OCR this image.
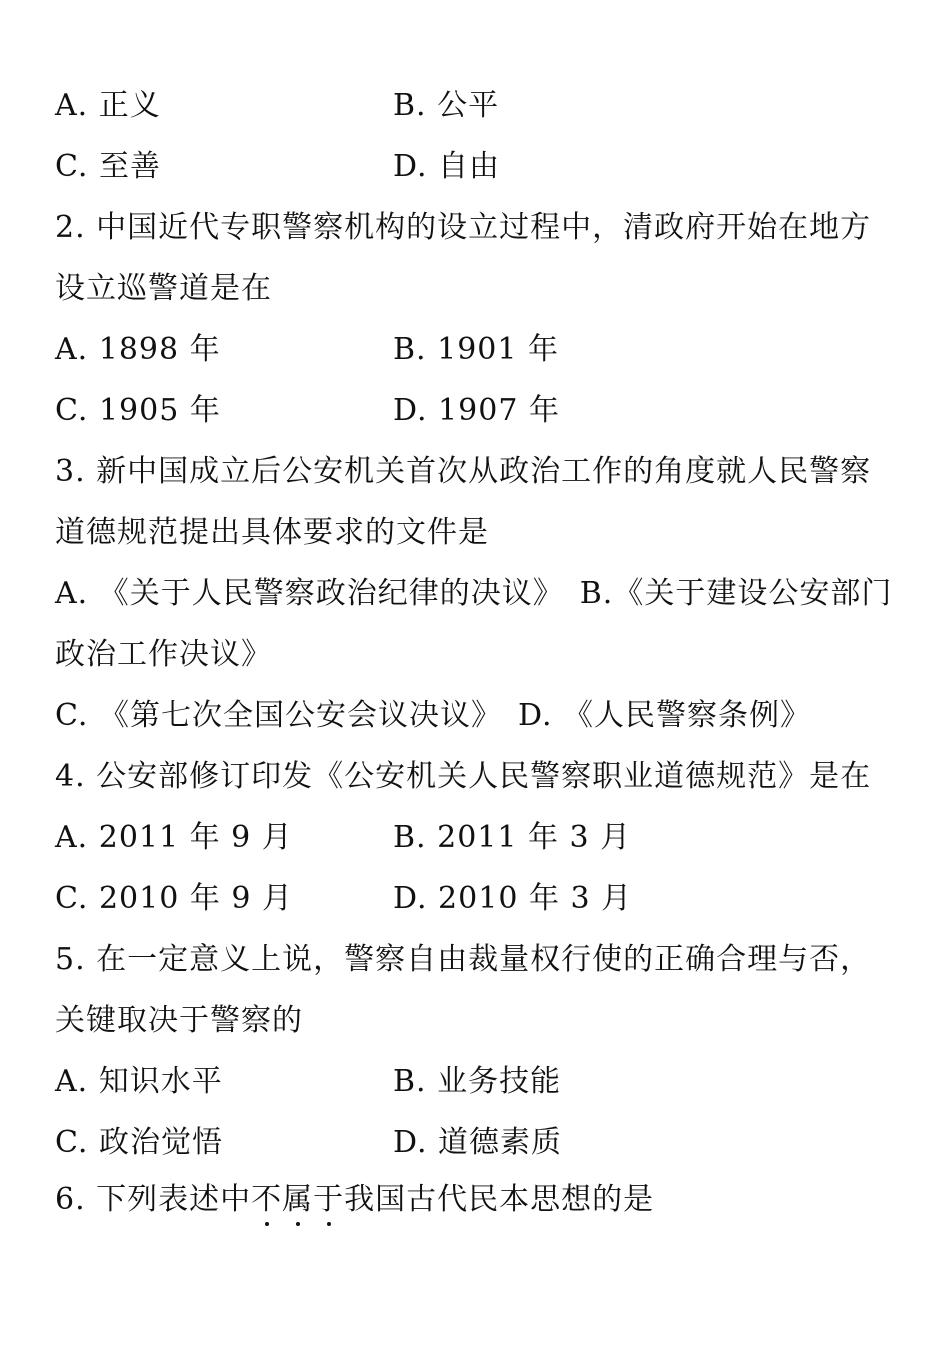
A. 正义	B. 公平
C. 至善	D. 自由
2. 中国近代专职警察机构的设立过程中，清政府开始在地方
设立巡警道是在
A. 1898 年	B. 1901 年
C. 1905 年	D. 1907 年
3. 新中国成立后公安机关首次从政治工作的角度就人民警察
道德规范提出具体要求的文件是
A. 《关于人民警察政治纪律的决议》　B.《关于建设公安部门
政治工作决议》
C. 《第七次全国公安会议决议》　D. 《人民警察条例》
4. 公安部修订印发《公安机关人民警察职业道德规范》是在
A. 2011 年 9 月	B. 2011 年 3 月
C. 2010 年 9 月	D. 2010 年 3 月
5. 在一定意义上说，警察自由裁量权行使的正确合理与否，
关键取决于警察的
A. 知识水平	B. 业务技能
C. 政治觉悟	D. 道德素质
6. 下列表述中不属于我国古代民本思想的是
